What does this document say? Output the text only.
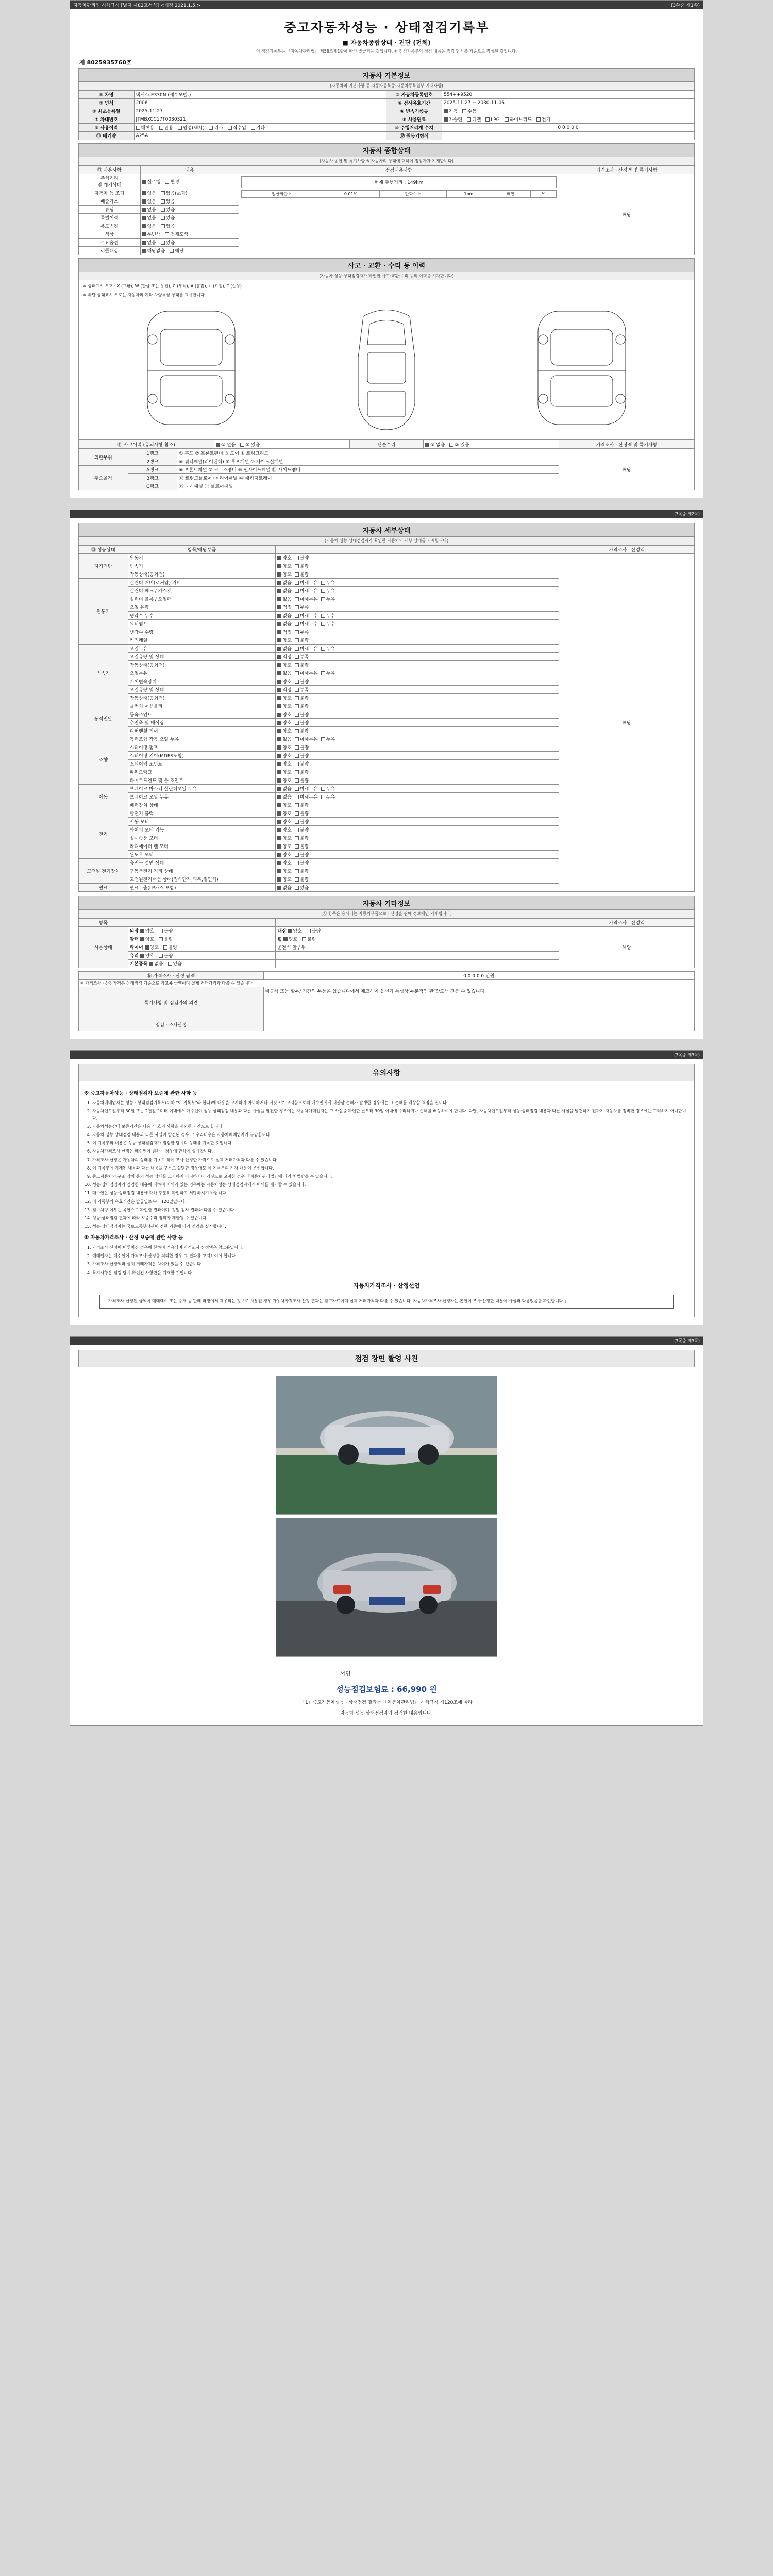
자동차관리법 시행규칙 [별지 제82호서식] <개정 2021.1.5.>	(3쪽중 제1쪽)
중고자동차성능 · 상태점검기록부
■ 자동차종합상태 · 진단 (전체)
이 점검기록부는 「자동차관리법」 제58조제1항에 따라 발급되는 것입니다. ※ 점검기록부의 점검 내용은 점검 당시를 기준으로 작성된 것입니다.
제 8025935760호
자동차 기본정보
(자동차의 기본사항 등 자동차등록증·자동차등록원부 기재사항)
① 차명	택시스-E330N (세부모델-)	② 자동차등록번호	554++9520
③ 연식	2006	④ 검사유효기간	2025-11-27 ~ 2030-11-06
⑤ 최초등록일	2025-11-27	⑥ 변속기종류	자동 수동
⑦ 차대번호	JTMBXCC17T0030321	⑧ 사용연료	가솔린 디젤 LPG 하이브리드 전기
⑨ 사용이력	대여용 관용 영업(택시) 리스 직수입 기타	⑩ 주행거리계 수치	0 0 0 0 0
⑪ 배기량	A25A	⑫ 원동기형식	
자동차 종합상태
(자동차 종합 및 특기사항 ※ 자동차의 상태에 대하여 점검자가 기재합니다)
⑬ 사용사항	내용	점검내용사항	가격조사 · 산정액 및 특기사항
주행거리
및 계기상태	실주행 변경	현재 주행거리 : 149km
일산화탄소	0.01%	탄화수소	1pm	매연	%
	해당
자동차 등 조기	없음 있음(초과)
배출가스	없음 있음
튜닝	없음 있음
특별이력	없음 있음
용도변경	없음 있음
색상	무변색 전체도색
주요옵션	없음 있음
리콜대상	해당없음 해당
사고 · 교환 · 수리 등 이력
(자동차 성능·상태점검자가 확인한 사고·교환·수리 등의 이력을 기재합니다)
※ 상태표시 부호 : X (교환), W (판금 또는 용접), C (부식), A (흠집), U (요철), T (손상)
※ 하단 상태표시 부호는 자동차의 기타 차량특성 상태를 표시합니다
⑭ 사고이력 (유의사항 참조)	① 없음 ② 있음	단순수리	① 없음 ② 있음	가격조사 · 산정액 및 특기사항
외판부위	1랭크	① 후드 ② 프론트팬더 ③ 도어 ④ 트렁크리드	해당
	2랭크	⑤ 쿼터패널(리어팬더) ⑥ 루프패널 ⑦ 사이드실패널	
주요골격	A랭크	⑧ 프론트패널 ⑨ 크로스멤버 ⑩ 인사이드패널 ⑪ 사이드멤버	
	B랭크	⑫ 트렁크플로어 ⑬ 리어패널 ⑭ 패키지트레이	
	C랭크	⑮ 대시패널 ⑯ 플로어패널	
(3쪽중 제2쪽)
자동차 세부상태
(자동차 성능·상태점검자가 확인한 자동차의 세부 상태를 기재합니다)
⑮ 성능상태	항목/해당부품		가격조사 · 산정액
자기진단	원동기	양호 불량	해당
	변속기	양호 불량	
	작동상태(공회전)	양호 불량	
원동기	실린더 커버(로커암) 커버	없음 미세누유 누유	
	실린더 헤드 / 가스켓	없음 미세누유 누유	
	실린더 블록 / 오일팬	없음 미세누유 누유	
	오일 유량	적정 부족	
	냉각수 누수	없음 미세누수 누수	
	워터펌프	없음 미세누수 누수	
	냉각수 수량	적정 부족	
	커먼레일	양호 불량	
변속기	오일누유	없음 미세누유 누유	
	오일유량 및 상태	적정 부족	
	작동상태(공회전)	양호 불량	
	오일누유	없음 미세누유 누유	
	기어변속장치	양호 불량	
	오일유량 및 상태	적정 부족	
	작동상태(공회전)	양호 불량	
동력전달	클러치 어셈블리	양호 불량	
	등속조인트	양호 불량	
	추진축 및 베어링	양호 불량	
	디퍼렌셜 기어	양호 불량	
조향	동력조향 작동 오일 누유	없음 미세누유 누유	
	스티어링 펌프	양호 불량	
	스티어링 기어(MDPS포함)	양호 불량	
	스티어링 조인트	양호 불량	
	파워크랭크	양호 불량	
	타이로드엔드 및 볼 조인트	양호 불량	
제동	브레이크 마스터 실린더오일 누유	없음 미세누유 누유	
	브레이크 오일 누유	없음 미세누유 누유	
	배력장치 상태	양호 불량	
전기	발전기 출력	양호 불량	
	시동 모터	양호 불량	
	와이퍼 모터 기능	양호 불량	
	실내송풍 모터	양호 불량	
	라디에이터 팬 모터	양호 불량	
	윈도우 모터	양호 불량	
고전원 전기장치	충전구 절연 상태	양호 불량	
	구동축전지 격리 상태	양호 불량	
	고전원전기배선 상태(접속단자,피복,절연체)	양호 불량	
연료	연료누출(LP가스 포함)	없음 있음	
자동차 기타정보
(⑮ 항목은 용사되는 자동차부품으로 · 산정을 판매 정보에만 기재됩니다)
항목			가격조사 · 산정액
사용상태	외장 양호 불량	내장 양호 불량	해당
	광택 양호 불량	휠 양호 불량	
	타이어 양호 불량	운전석 앞 / 뒤	
	유리 양호 불량		
	기본품목 없음 있음		
⑯ 가격조사 · 산정 금액	0 0 0 0 0 만원
※ 가격조사 · 산정가격은 상태점검 기준으로 참고용 금액이며 실제 거래가격과 다를 수 있습니다	
특기사항 및 점검자의 의견	비공식 또는 할부/ 기간의 부품은 있습니다에서 체크하여 옵션기 특성상 부분적인 판금/도색 진동 수 있습니다
점검 · 조사산정	
(3쪽중 제3쪽)
유의사항
※ 중고자동차성능 · 상태점검자 보증에 관한 사항 등
1. 자동차매매업자는 성능 · 상태점검기록부(이하 "이 기록부"라 한다)에 내용을 고지하지 아니하거나 거짓으로 고지함으로써 매수인에게 재산상 손해가 발생한 경우에는 그 손해를 배상할 책임을 집니다.
2. 자동차인도일부터 30일 또는 2천킬로미터 이내에서 매수인이 성능·상태점검 내용과 다른 사실을 발견한 경우에는 자동차매매업자는 그 사실을 확인한 날부터 30일 이내에 수리하거나 손해를 배상하여야 합니다. 다만, 자동차인도일부터 성능·상태점검 내용과 다른 사실을 발견하기 전까지 자동차를 정비한 경우에는 그러하지 아니합니다.
3. 자동차성능상태 보증기간은 다음 각 호의 사항을 제외한 기간으로 합니다.
4. 자동차 성능·상태점검 내용과 다른 사실이 발견된 경우 그 수리비용은 자동차매매업자가 부담합니다.
5. 이 기록부의 내용은 성능·상태점검자가 점검한 당시의 상태를 기록한 것입니다.
6. 자동차가격조사·산정은 매수인이 원하는 경우에 한하여 실시합니다.
7. 가격조사·산정은 자동차의 상태를 기초로 하여 조사·산정한 가격으로 실제 거래가격과 다를 수 있습니다.
8. 이 기록부에 기재된 내용과 다른 내용을 구두로 설명한 경우에도 이 기록부의 기재 내용이 우선합니다.
9. 중고자동차의 구조·장치 등의 성능·상태를 고지하지 아니하거나 거짓으로 고지한 경우 「자동차관리법」에 따라 처벌받을 수 있습니다.
10. 성능·상태점검자가 점검한 내용에 대하여 이의가 있는 경우에는 자동차성능·상태점검자에게 이의를 제기할 수 있습니다.
11. 매수인은 성능·상태점검 내용에 대해 충분히 확인하고 서명하시기 바랍니다.
12. 이 기록부의 유효기간은 발급일로부터 120일입니다.
13. 침수차량 여부는 육안으로 확인한 결과이며, 정밀 검사 결과와 다를 수 있습니다.
14. 성능·상태점검 결과에 따라 보증수리 범위가 제한될 수 있습니다.
15. 성능·상태점검자는 국토교통부장관이 정한 기준에 따라 점검을 실시합니다.
※ 자동차가격조사 · 산정 보증에 관한 사항 등
1. 가격조사·산정이 이루어진 경우에 한하여 적용되며 가격조사·산정액은 참고용입니다.
2. 매매업자는 매수인이 가격조사·산정을 의뢰한 경우 그 결과를 고지하여야 합니다.
3. 가격조사·산정액과 실제 거래가격은 차이가 있을 수 있습니다.
4. 특기사항은 점검 당시 확인된 사항만을 기재한 것입니다.
자동차가격조사 · 산정선언
「가격조사·산정된 금액이 매매대여 또는 중개 등 판매 과정에서 제공되는 정보로 사용될 경우 자동차가격조사·산정 결과는 참고자료이며 실제 거래가격과 다를 수 있습니다. 자동차가격조사·산정자는 본인이 조사·산정한 내용이 사실과 다름없음을 확인합니다.」
(3쪽중 제3쪽)
점검 장면 촬영 사진
서명
성능점검보험료 : 66,990 원
「1」중고자동차성능 · 상태점검 결과는 「자동차관리법」 시행규칙 제120조에 따라
자동차 성능·상태점검자가 점검한 내용입니다.
